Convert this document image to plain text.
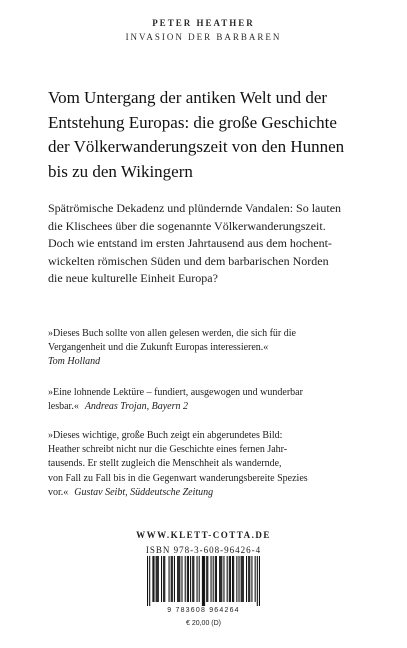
PETER HEATHER
INVASION DER BARBAREN
Vom Untergang der antiken Welt und der
Entstehung Europas: die große Geschichte
der Völkerwanderungszeit von den Hunnen
bis zu den Wikingern
Spätrömische Dekadenz und plündernde Vandalen: So lauten
die Klischees über die sogenannte Völkerwanderungszeit.
Doch wie entstand im ersten Jahrtausend aus dem hochent-
wickelten römischen Süden und dem barbarischen Norden
die neue kulturelle Einheit Europa?
»Dieses Buch sollte von allen gelesen werden, die sich für die
Vergangenheit und die Zukunft Europas interessieren.«
Tom Holland
»Eine lohnende Lektüre – fundiert, ausgewogen und wunderbar
lesbar.« Andreas Trojan, Bayern 2
»Dieses wichtige, große Buch zeigt ein abgerundetes Bild:
Heather schreibt nicht nur die Geschichte eines fernen Jahr-
tausends. Er stellt zugleich die Menschheit als wandernde,
von Fall zu Fall bis in die Gegenwart wanderungsbereite Spezies
vor.« Gustav Seibt, Süddeutsche Zeitung
WWW.KLETT-COTTA.DE
ISBN 978-3-608-96426-4
9 783608 964264
€ 20,00 (D)
